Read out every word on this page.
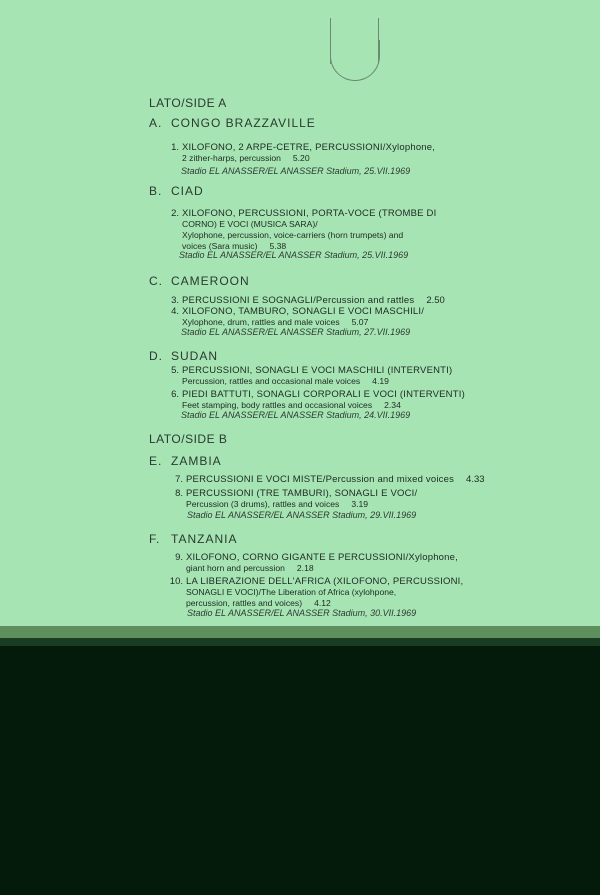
LATO/SIDE A
A. CONGO BRAZZAVILLE
1. XILOFONO, 2 ARPE-CETRE, PERCUSSIONI/Xylophone,
2 zither-harps, percussion 5.20
Stadio EL ANASSER/EL ANASSER Stadium, 25.VII.1969
B. CIAD
2. XILOFONO, PERCUSSIONI, PORTA-VOCE (TROMBE DI
CORNO) E VOCI (MUSICA SARA)/
Xylophone, percussion, voice-carriers (horn trumpets) and
voices (Sara music) 5.38
Stadio EL ANASSER/EL ANASSER Stadium, 25.VII.1969
C. CAMEROON
3. PERCUSSIONI E SOGNAGLI/Percussion and rattles 2.50
4. XILOFONO, TAMBURO, SONAGLI E VOCI MASCHILI/
Xylophone, drum, rattles and male voices 5.07
Stadio EL ANASSER/EL ANASSER Stadium, 27.VII.1969
D. SUDAN
5. PERCUSSIONI, SONAGLI E VOCI MASCHILI (INTERVENTI)
Percussion, rattles and occasional male voices 4.19
6. PIEDI BATTUTI, SONAGLI CORPORALI E VOCI (INTERVENTI)
Feet stamping, body rattles and occasional voices 2.34
Stadio EL ANASSER/EL ANASSER Stadium, 24.VII.1969
LATO/SIDE B
E. ZAMBIA
7. PERCUSSIONI E VOCI MISTE/Percussion and mixed voices 4.33
8. PERCUSSIONI (TRE TAMBURI), SONAGLI E VOCI/
Percussion (3 drums), rattles and voices 3.19
Stadio EL ANASSER/EL ANASSER Stadium, 29.VII.1969
F. TANZANIA
9. XILOFONO, CORNO GIGANTE E PERCUSSIONI/Xylophone,
giant horn and percussion 2.18
10. LA LIBERAZIONE DELL'AFRICA (XILOFONO, PERCUSSIONI,
SONAGLI E VOCI)/The Liberation of Africa (xylohpone,
percussion, rattles and voices) 4.12
Stadio EL ANASSER/EL ANASSER Stadium, 30.VII.1969
